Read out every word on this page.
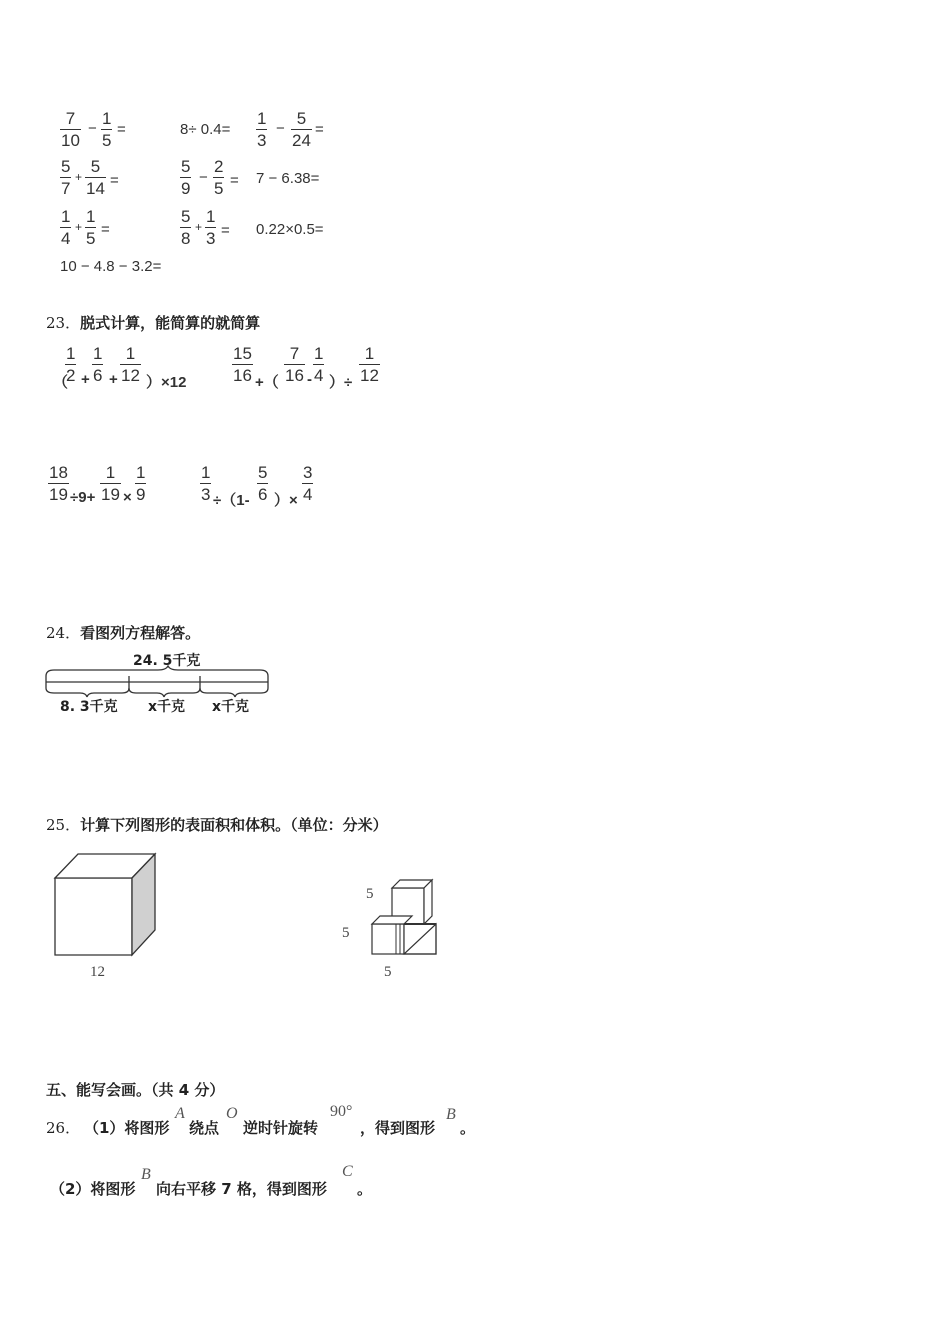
7
10
−
1
5
=	8÷ 0.4=
1
3
−
5
24
=
5
7
+
5
14 =
5
9
−
2
5 = 7 − 6.38=
1
4
+
1
5 =
5
8
+
1
3 = 0.22×0.5=
10 − 4.8 − 3.2=
23．脱式计算，能简算的就简算
（
1
2 +
1
6 +
1
12 ）×12
15
16 +（
7
16 -
1
4 ）÷
1
12
18
19 ÷9+
1
19 ×
1
9
1
3 ÷（1-
5
6 ）×
3
4
24．看图列方程解答。
24. 5千克
8. 3千克 x千克 x千克
25．计算下列图形的表面积和体积。（单位：分米）
12
5
5
5
五、能写会画。（共 4 分）
26． （1）将图形
A
绕点
O
逆时针旋转
90°
，得到图形
B
。
（2）将图形
B
向右平移 7 格，得到图形
C
。
